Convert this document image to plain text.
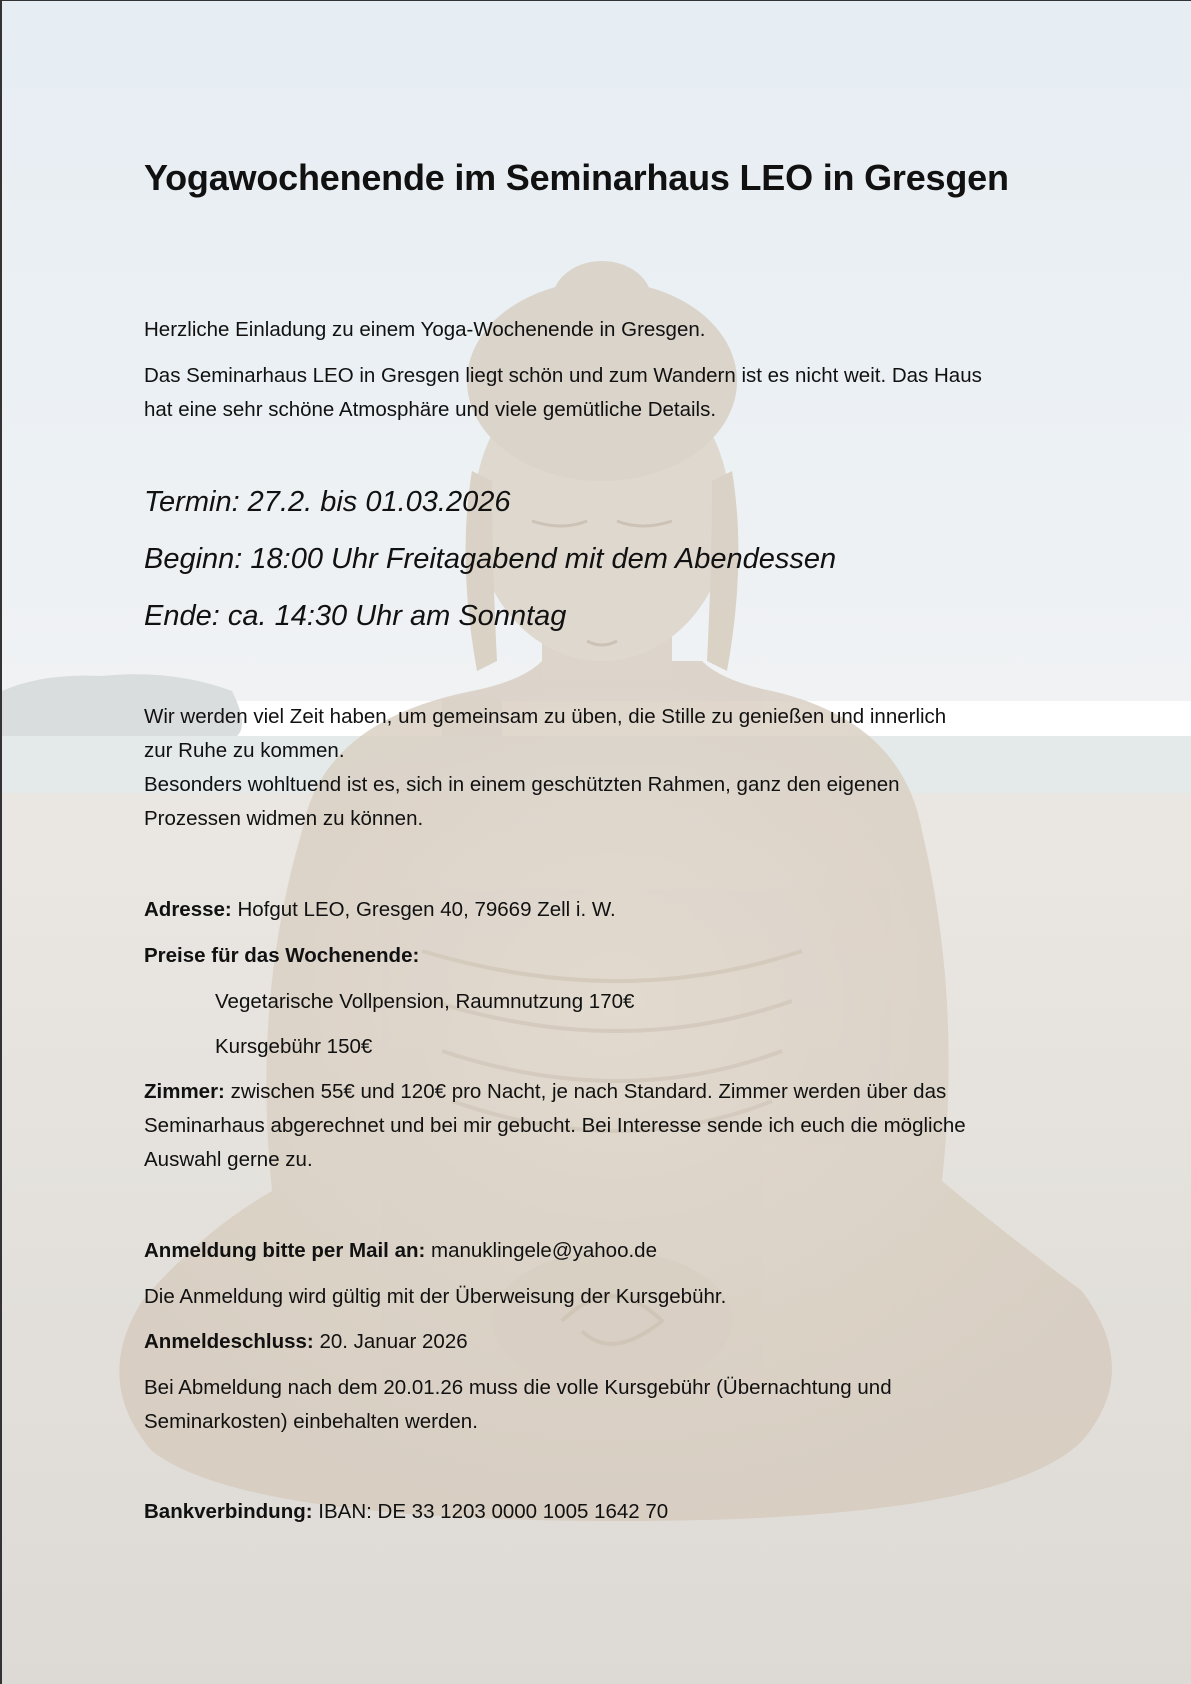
Yogawochenende im Seminarhaus LEO in Gresgen
Herzliche Einladung zu einem Yoga-Wochenende in Gresgen.
Das Seminarhaus LEO in Gresgen liegt schön und zum Wandern ist es nicht weit. Das Haus
hat eine sehr schöne Atmosphäre und viele gemütliche Details.
Termin: 27.2. bis 01.03.2026
Beginn: 18:00 Uhr Freitagabend mit dem Abendessen
Ende: ca. 14:30 Uhr am Sonntag
Wir werden viel Zeit haben, um gemeinsam zu üben, die Stille zu genießen und innerlich
zur Ruhe zu kommen.
Besonders wohltuend ist es, sich in einem geschützten Rahmen, ganz den eigenen
Prozessen widmen zu können.
Adresse: Hofgut LEO, Gresgen 40, 79669 Zell i. W.
Preise für das Wochenende:
Vegetarische Vollpension, Raumnutzung 170€
Kursgebühr 150€
Zimmer: zwischen 55€ und 120€ pro Nacht, je nach Standard. Zimmer werden über das
Seminarhaus abgerechnet und bei mir gebucht. Bei Interesse sende ich euch die mögliche
Auswahl gerne zu.
Anmeldung bitte per Mail an: manuklingele@yahoo.de
Die Anmeldung wird gültig mit der Überweisung der Kursgebühr.
Anmeldeschluss: 20. Januar 2026
Bei Abmeldung nach dem 20.01.26 muss die volle Kursgebühr (Übernachtung und
Seminarkosten) einbehalten werden.
Bankverbindung: IBAN: DE 33 1203 0000 1005 1642 70
